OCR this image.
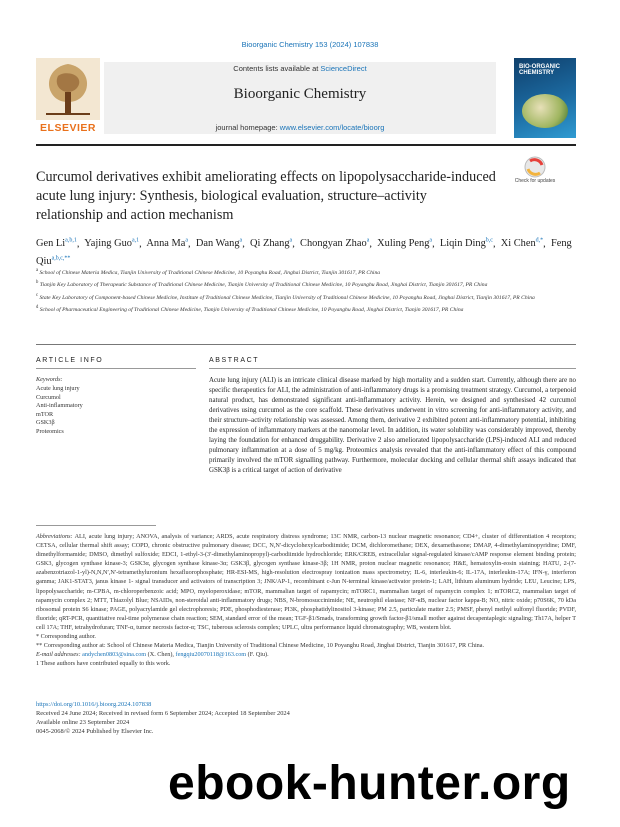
Bioorganic Chemistry 153 (2024) 107838
ELSEVIER
Contents lists available at ScienceDirect
Bioorganic Chemistry
journal homepage: www.elsevier.com/locate/bioorg
BIO-ORGANIC CHEMISTRY
Curcumol derivatives exhibit ameliorating effects on lipopolysaccharide-induced acute lung injury: Synthesis, biological evaluation, structure–activity relationship and action mechanism
Check for updates
Gen Li$^{a,b,1}$,  Yajing Guo$^{a,1}$,  Anna Ma$^a$,  Dan Wang$^a$,  Qi Zhang$^a$,  Chongyan Zhao$^a$,  Xuling Peng$^a$,  Liqin Ding$^{b,c}$,  Xi Chen$^{d,*}$,  Feng Qiu$^{a,b,c,**}$

$^a$ School of Chinese Materia Medica, Tianjin University of Traditional Chinese Medicine, 10 Poyanghu Road, Jinghai District, Tianjin 301617, PR China

$^b$ Tianjin Key Laboratory of Therapeutic Substance of Traditional Chinese Medicine, Tianjin University of Traditional Chinese Medicine, 10 Poyanghu Road, Jinghai District, Tianjin 301617, PR China

$^c$ State Key Laboratory of Component-based Chinese Medicine, Institute of Traditional Chinese Medicine, Tianjin University of Traditional Chinese Medicine, 10 Poyanghu Road, Jinghai District, Tianjin 301617, PR China

$^d$ School of Pharmaceutical Engineering of Traditional Chinese Medicine, Tianjin University of Traditional Chinese Medicine, 10 Poyanghu Road, Jinghai District, Tianjin 301617, PR China

ARTICLE INFO	ABSTRACT
Keywords:
Acute lung injury
Curcumol
Anti-inflammatory
mTOR
GSK3β
Proteomics
Acute lung injury (ALI) is an intricate clinical disease marked by high mortality and a sudden start. Currently, although there are no specific therapeutics for ALI, the administration of anti-inflammatory drugs is a promising treatment strategy. Curcumol, a terpenoid natural product, has demonstrated significant anti-inflammatory activity. Herein, we designed and synthesised 42 curcumol derivatives using curcumol as the core scaffold. These derivatives underwent in vitro screening for anti-inflammatory activity, and their structure–activity relationship was assessed. Among them, derivative 2 exhibited potent anti-inflammatory potential, inhibiting the expression of inflammatory markers at the nanomolar level. In addition, its water solubility was considerably improved, thereby laying the foundation for enhanced druggability. Derivative 2 also ameliorated lipopolysaccharide (LPS)-induced ALI and reduced pulmonary inflammation at a dose of 5 mg/kg. Proteomics analysis revealed that the anti-inflammatory effect of this compound primarily involved the mTOR signalling pathway. Furthermore, molecular docking and cellular thermal shift assays indicated that GSK3β is a critical target of action of derivative

Abbreviations: ALI, acute lung injury; ANOVA, analysis of variance; ARDS, acute respiratory distress syndrome; 13C NMR, carbon-13 nuclear magnetic resonance; CD4+, cluster of differentiation 4 receptors; CETSA, cellular thermal shift assay; COPD, chronic obstructive pulmonary disease; DCC, N,N′-dicyclohexylcarbodiimide; DCM, dichloromethane; DEX, dexamethasone; DMAP, 4-dimethylaminopyridine; DMF, dimethylformamide; DMSO, dimethyl sulfoxide; EDCI, 1-ethyl-3-(3′-dimethylaminopropyl)-carbodiimide hydrochloride; ERK/CREB, extracellular signal-regulated kinase/cAMP response element binding protein; GSK3, glycogen synthase kinase-3; GSK3α, glycogen synthase kinase-3α; GSK3β, glycogen synthase kinase-3β; 1H NMR, proton nuclear magnetic resonance; H&E, hematoxylin-eosin staining; HATU, 2-(7-azabenzotriazol-1-yl)-N,N,N′,N′-tetramethyluronium hexafluorophosphate; HR-ESI-MS, high-resolution electrospray ionization mass spectrometry; IL-6, interleukin-6; IL-17A, interleukin-17A; IFN-γ, interferon gamma; JAK1-STAT3, janus kinase 1- signal transducer and activators of transcription 3; JNK/AP-1, recombinant c-Jun N-terminal kinase/activator protein-1; LAH, lithium aluminum hydride; LEU, Leucine; LPS, lipopolysaccharide; m-CPBA, m-chloroperbenzoic acid; MPO, myeloperoxidase; mTOR, mammalian target of rapamycin; mTORC1, mammalian target of rapamycin complex 1; mTORC2, mammalian target of rapamycin complex 2; MTT, Thiazolyl Blue; NSAIDs, non-steroidal anti-inflammatory drugs; NBS, N-bromosuccinimide; NE, neutrophil elastase; NF-κB, nuclear factor kappa-B; NO, nitric oxide; p70S6K, 70 kDa ribosomal protein S6 kinase; PAGE, polyacrylamide gel electrophoresis; PDE, phosphodiesterase; PI3K, phosphatidylinositol 3-kinase; PM 2.5, particulate matter 2.5; PMSF, phenyl methyl sulfonyl fluoride; PVDF, fluoride; qRT-PCR, quantitative real-time polymerase chain reaction; SEM, standard error of the mean; TGF-β1/Smads, transforming growth factor-β1/small mother against decapentaplegic signaling; Th17A, helper T cell 17A; THF, tetrahydrofuran; TNF-α, tumor necrosis factor-α; TSC, tuberous sclerosis complex; UPLC, ultra performance liquid chromatography; WB, western blot.

* Corresponding author.

** Corresponding author at: School of Chinese Materia Medica, Tianjin University of Traditional Chinese Medicine, 10 Poyanghu Road, Jinghai District, Tianjin 301617, PR China.

E-mail addresses: andychen0803@sina.com (X. Chen), fengqiu20070118@163.com (F. Qiu).

1 These authors have contributed equally to this work.

https://doi.org/10.1016/j.bioorg.2024.107838

Received 24 June 2024; Received in revised form 6 September 2024; Accepted 18 September 2024

Available online 23 September 2024

0045-2068/© 2024 Published by Elsevier Inc.

ebook-hunter.org
